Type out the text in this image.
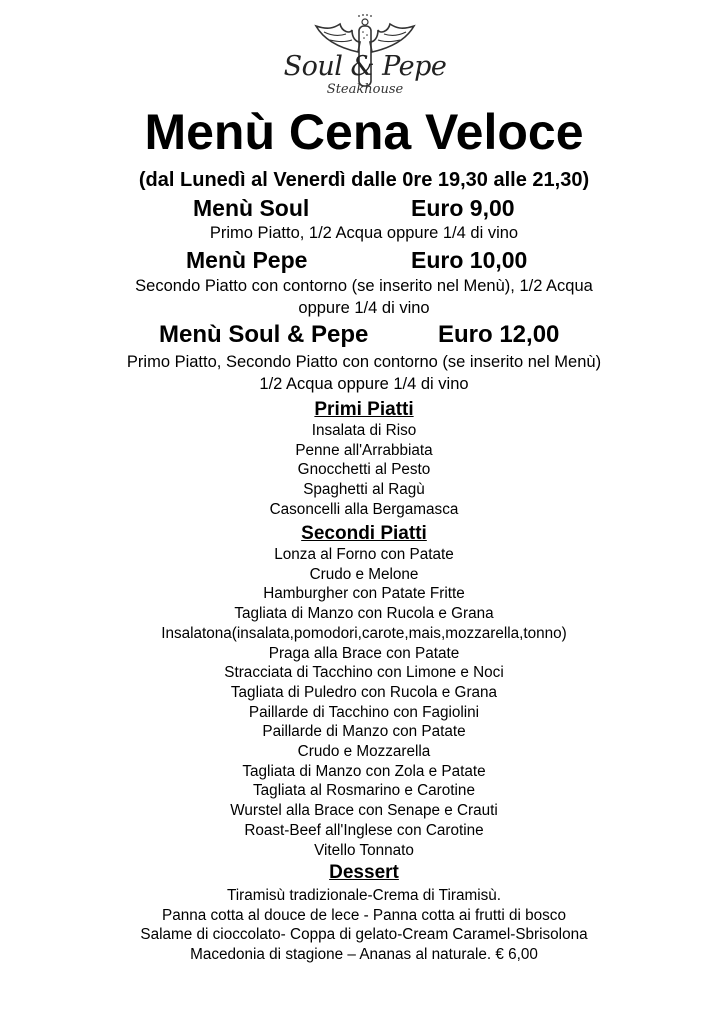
Soul & Pepe
Steakhouse
Menù Cena Veloce
(dal Lunedì al Venerdì dalle 0re 19,30 alle 21,30)
Menù Soul	Euro 9,00
Primo Piatto, 1/2 Acqua oppure 1/4 di vino
Menù Pepe	Euro 10,00
Secondo Piatto con contorno (se inserito nel Menù), 1/2 Acqua
oppure 1/4 di vino
Menù Soul & Pepe	Euro 12,00
Primo Piatto, Secondo Piatto con contorno (se inserito nel Menù)
1/2 Acqua oppure 1/4 di vino
Primi Piatti
Insalata di Riso
Penne all'Arrabbiata
Gnocchetti al Pesto
Spaghetti al Ragù
Casoncelli alla Bergamasca
Secondi Piatti
Lonza al Forno con Patate
Crudo e Melone
Hamburgher con Patate Fritte
Tagliata di Manzo con Rucola e Grana
Insalatona(insalata,pomodori,carote,mais,mozzarella,tonno)
Praga alla Brace con Patate
Stracciata di Tacchino con Limone e Noci
Tagliata di Puledro con Rucola e Grana
Paillarde di Tacchino con Fagiolini
Paillarde di Manzo con Patate
Crudo e Mozzarella
Tagliata di Manzo con Zola e Patate
Tagliata al Rosmarino e Carotine
Wurstel alla Brace con Senape e Crauti
Roast-Beef all'Inglese con Carotine
Vitello Tonnato
Dessert
Tiramisù tradizionale-Crema di Tiramisù.
Panna cotta al douce de lece - Panna cotta ai frutti di bosco
Salame di cioccolato- Coppa di gelato-Cream Caramel-Sbrisolona
Macedonia di stagione – Ananas al naturale. € 6,00
